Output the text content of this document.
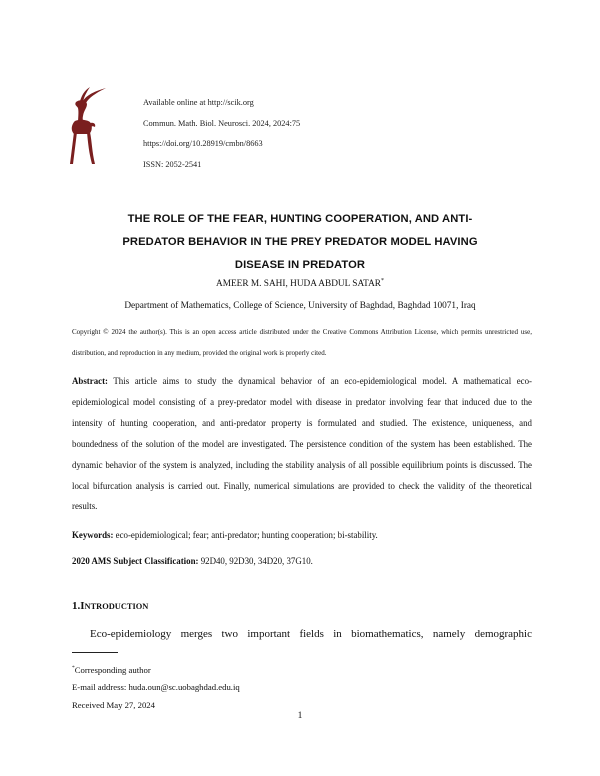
Available online at http://scik.org
Commun. Math. Biol. Neurosci. 2024, 2024:75
https://doi.org/10.28919/cmbn/8663
ISSN: 2052-2541
THE ROLE OF THE FEAR, HUNTING COOPERATION, AND ANTI-
PREDATOR BEHAVIOR IN THE PREY PREDATOR MODEL HAVING
DISEASE IN PREDATOR
AMEER M. SAHI, HUDA ABDUL SATAR*
Department of Mathematics, College of Science, University of Baghdad, Baghdad 10071, Iraq
Copyright © 2024 the author(s). This is an open access article distributed under the Creative Commons Attribution License, which permits unrestricted use, distribution, and reproduction in any medium, provided the original work is properly cited.
Abstract: This article aims to study the dynamical behavior of an eco-epidemiological model. A mathematical eco-epidemiological model consisting of a prey-predator model with disease in predator involving fear that induced due to the intensity of hunting cooperation, and anti-predator property is formulated and studied. The existence, uniqueness, and boundedness of the solution of the model are investigated. The persistence condition of the system has been established. The dynamic behavior of the system is analyzed, including the stability analysis of all possible equilibrium points is discussed. The local bifurcation analysis is carried out. Finally, numerical simulations are provided to check the validity of the theoretical results.
Keywords: eco-epidemiological; fear; anti-predator; hunting cooperation; bi-stability.
2020 AMS Subject Classification: 92D40, 92D30, 34D20, 37G10.
1.INTRODUCTION
Eco-epidemiology merges two important fields in biomathematics, namely demographic
*Corresponding author
E-mail address: huda.oun@sc.uobaghdad.edu.iq
Received May 27, 2024
1
